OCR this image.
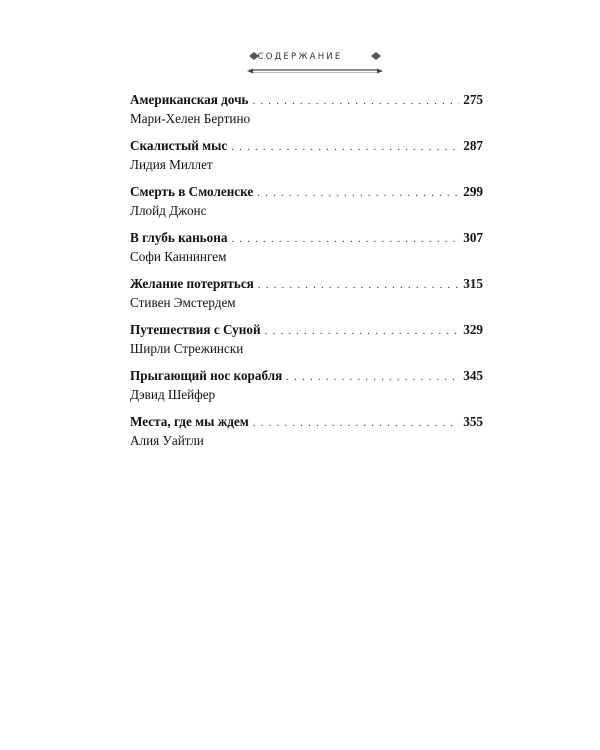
СОДЕРЖАНИЕ
Американская дочь . . .	275
Мари-Хелен Бертино
Скалистый мыс . . .	287
Лидия Миллет
Смерть в Смоленске . . .	299
Ллойд Джонс
В глубь каньона . . .	307
Софи Каннингем
Желание потеряться . . .	315
Стивен Эмстердем
Путешествия с Суной . . .	329
Ширли Стрежински
Прыгающий нос корабля . . .	345
Дэвид Шейфер
Места, где мы ждем . . .	355
Алия Уайтли
